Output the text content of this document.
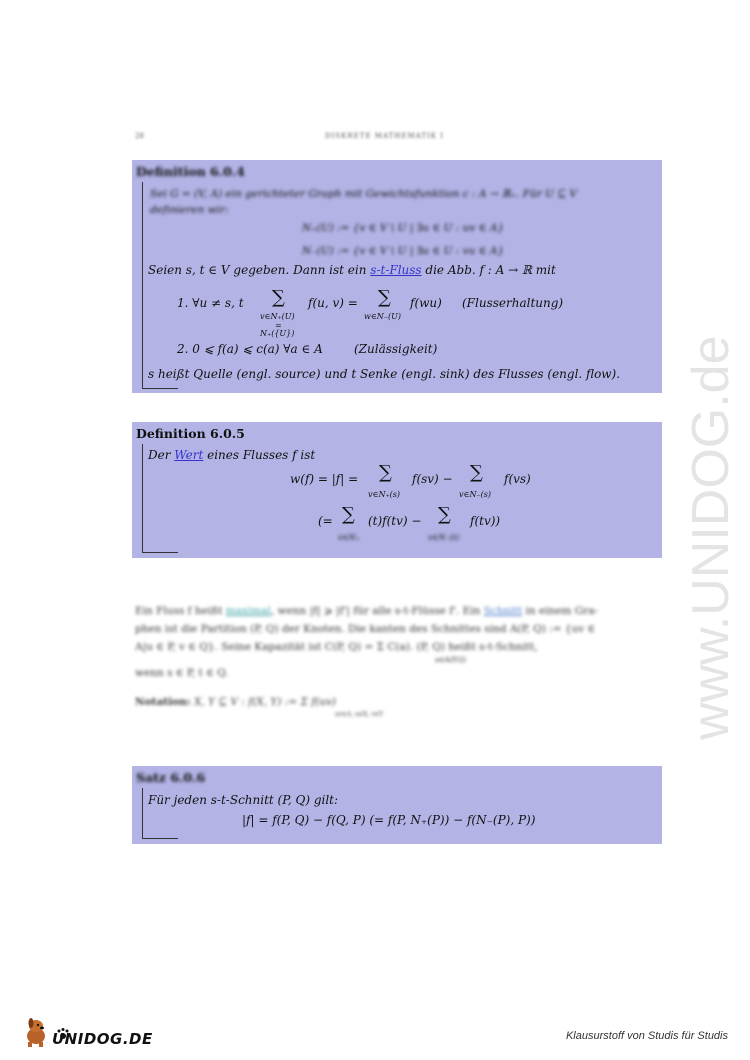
www.UNIDOG.de
28	DISKRETE MATHEMATIK I
Definition 6.0.4
Sei G = (V, A) ein gerichteter Graph mit Gewichtsfunktion c : A → ℝ₊. Für U ⊆ V
definieren wir:
N₊(U) := {v ∈ V \ U | ∃u ∈ U : uv ∈ A}
N₋(U) := {v ∈ V \ U | ∃u ∈ U : vu ∈ A}
Seien s, t ∈ V gegeben. Dann ist ein s-t-Fluss die Abb. f : A → ℝ mit
1. ∀u ≠ s, t ∑
v∈N₊(U)
=
N₊({U})
f(u, v) = ∑
w∈N₋(U)
f(wu) (Flusserhaltung)
2. 0 ⩽ f(a) ⩽ c(a) ∀a ∈ A	(Zulässigkeit)
s heißt Quelle (engl. source) und t Senke (engl. sink) des Flusses (engl. flow).
Definition 6.0.5
Der Wert eines Flusses f ist
w(f) = |f| = ∑
v∈N₊(s)
f(sv) − ∑
v∈N₋(s)
f(vs)
(= ∑
v∈N₊
(t)f(tv) − ∑
v∈N₋(t)
f(tv))
Ein Fluss f heißt maximal, wenn |f| ⩾ |f'| für alle s-t-Flüsse f'. Ein Schnitt in einem Gra-
phen ist die Partition (P, Q) der Knoten. Die kanten des Schnittes sind A(P, Q) := {uv ∈
A|u ∈ P, v ∈ Q}. Seine Kapazität ist C(P, Q) = Σ C(a). (P, Q) heißt s-t-Schnitt,
a∈A(P,Q)
wenn s ∈ P, t ∈ Q.
Notation: X, Y ⊆ V : f(X, Y) := Σ f(uv)
uv∈A, u∈X, v∈Y
Satz 6.0.6
Für jeden s-t-Schnitt (P, Q) gilt:
|f| = f(P, Q) − f(Q, P) (= f(P, N₊(P)) − f(N₋(P), P))
UNIDOG.DE	Klausurstoff von Studis für Studis
